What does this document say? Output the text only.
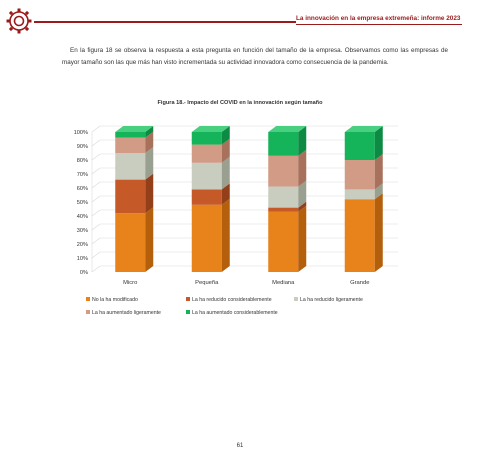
La innovación en la empresa extremeña: informe 2023

En la figura 18 se observa la respuesta a esta pregunta en función del tamaño de la empresa. Observamos como las empresas de mayor tamaño son las que más han visto incrementada su actividad innovadora como consecuencia de la pandemia.

Figura 18.- Impacto del COVID en la innovación según tamaño
0%
10%
20%
30%
40%
50%
60%
70%
80%
90%
100%
Micro	Pequeña	Mediana	Grande
No la ha modificado	La ha reducido considerablemente	La ha reducido ligeramente
La ha aumentado ligeramente	La ha aumentado considerablemente
61
